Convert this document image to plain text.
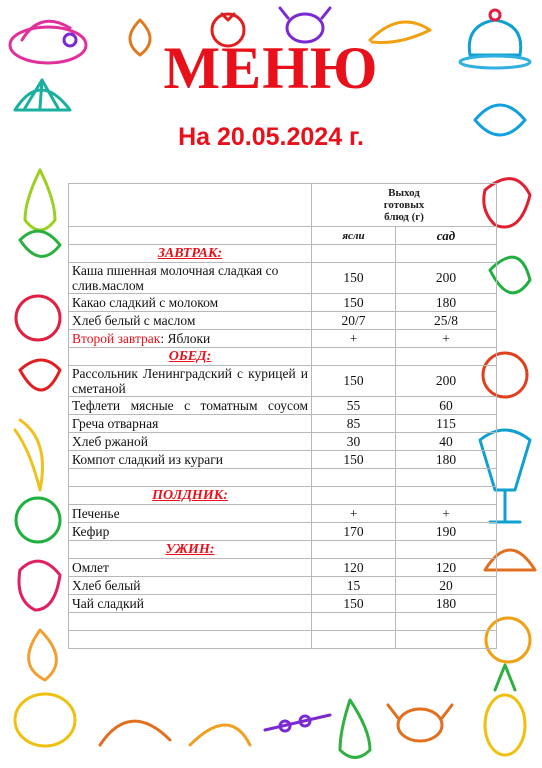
МЕНЮ
На 20.05.2024 г.
	Выход готовых блюд (г)	
	ясли	сад
ЗАВТРАК:		
Каша пшенная молочная сладкая со слив.маслом	150	200
Какао сладкий с молоком	150	180
Хлеб белый с маслом	20/7	25/8
Второй завтрак: Яблоки	+	+
ОБЕД:		
Рассольник Ленинградский с курицей и сметаной	150	200
Тефлети мясные с томатным соусом	55	60
Греча отварная	85	115
Хлеб ржаной	30	40
Компот сладкий из кураги	150	180

ПОЛДНИК:		
Печенье	+	+
Кефир	170	190
УЖИН:		
Омлет	120	120
Хлеб белый	15	20
Чай сладкий	150	180
